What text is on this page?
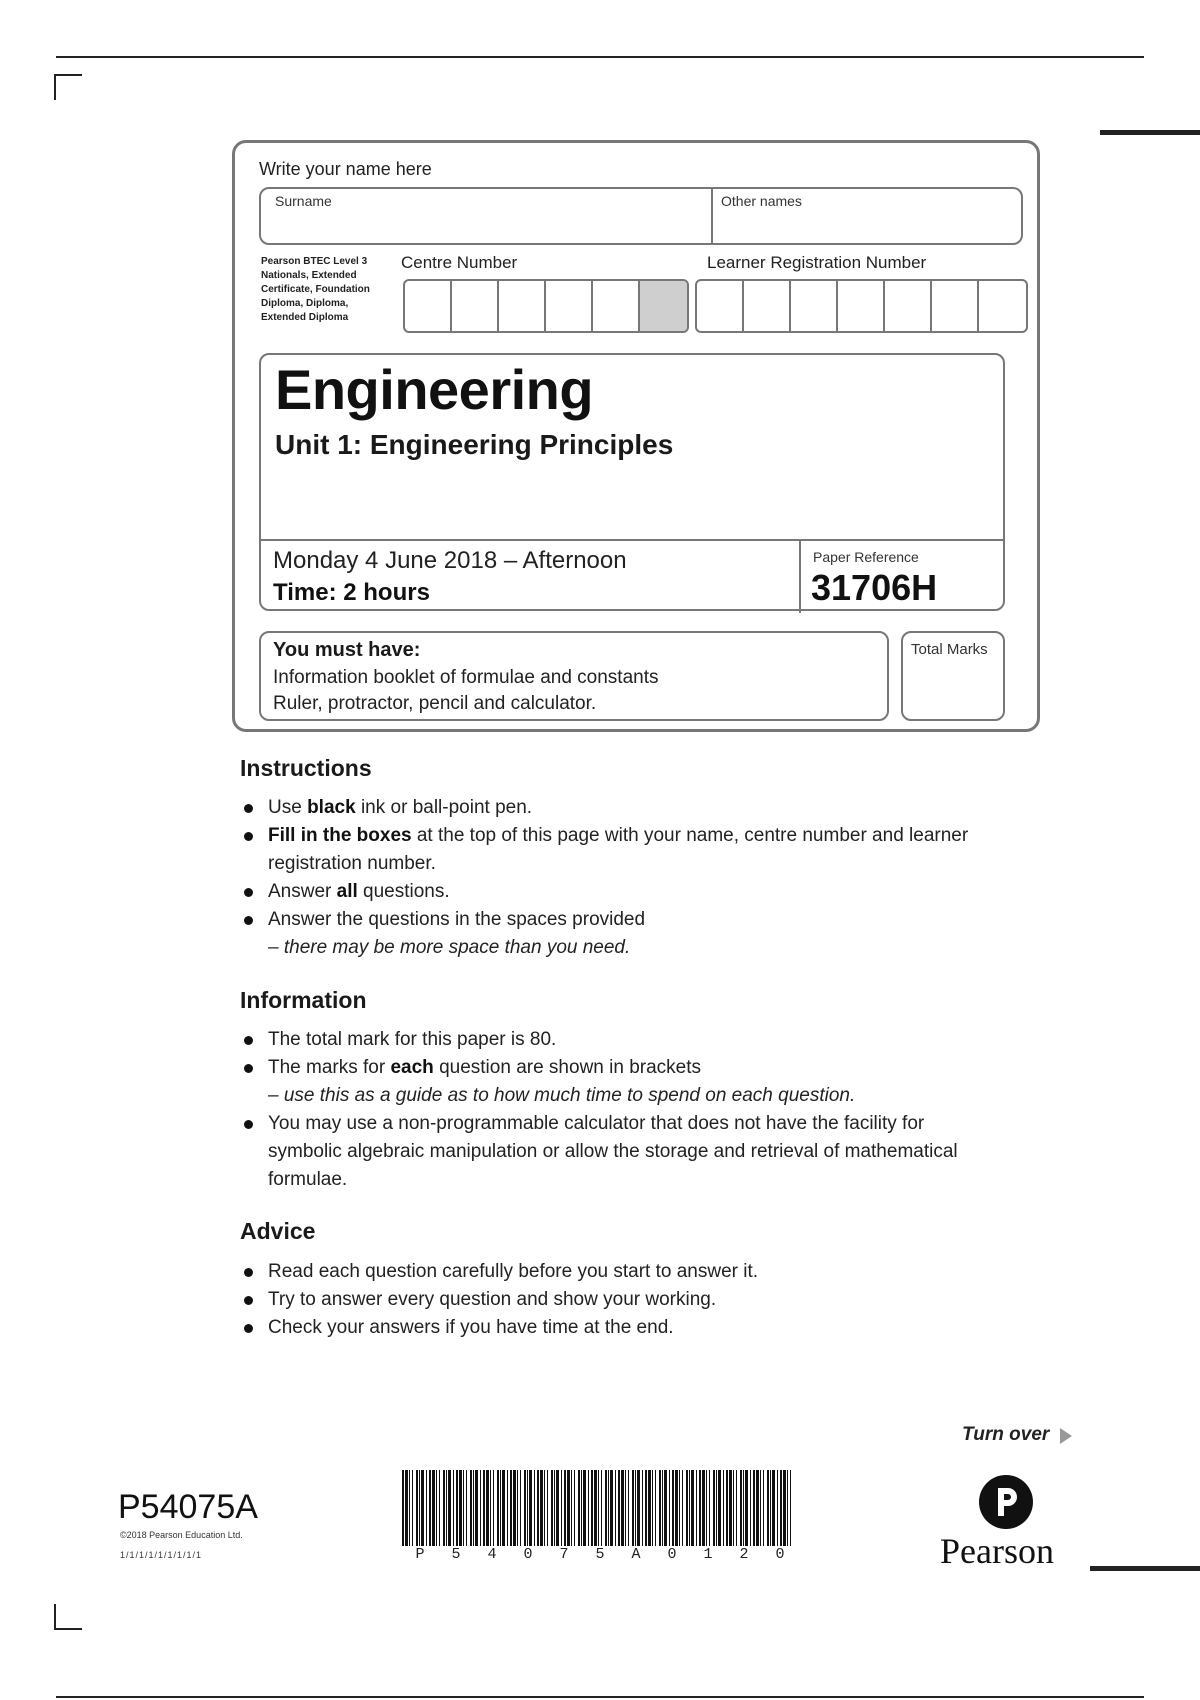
Write your name here
Surname	Other names
Pearson BTEC Level 3 Nationals, Extended Certificate, Foundation Diploma, Diploma, Extended Diploma
Centre Number	Learner Registration Number
Engineering
Unit 1: Engineering Principles
Monday 4 June 2018 – Afternoon
Time: 2 hours
Paper Reference
31706H
You must have:
Information booklet of formulae and constants
Ruler, protractor, pencil and calculator.
Total Marks
Instructions
Use black ink or ball-point pen.
Fill in the boxes at the top of this page with your name, centre number and learner registration number.
Answer all questions.
Answer the questions in the spaces provided
– there may be more space than you need.
Information
The total mark for this paper is 80.
The marks for each question are shown in brackets
– use this as a guide as to how much time to spend on each question.
You may use a non-programmable calculator that does not have the facility for symbolic algebraic manipulation or allow the storage and retrieval of mathematical formulae.
Advice
Read each question carefully before you start to answer it.
Try to answer every question and show your working.
Check your answers if you have time at the end.
Turn over
P54075A
©2018 Pearson Education Ltd.
1/1/1/1/1/1/1/1/1	P 5 4 0 7 5 A 0 1 2 0	Pearson
